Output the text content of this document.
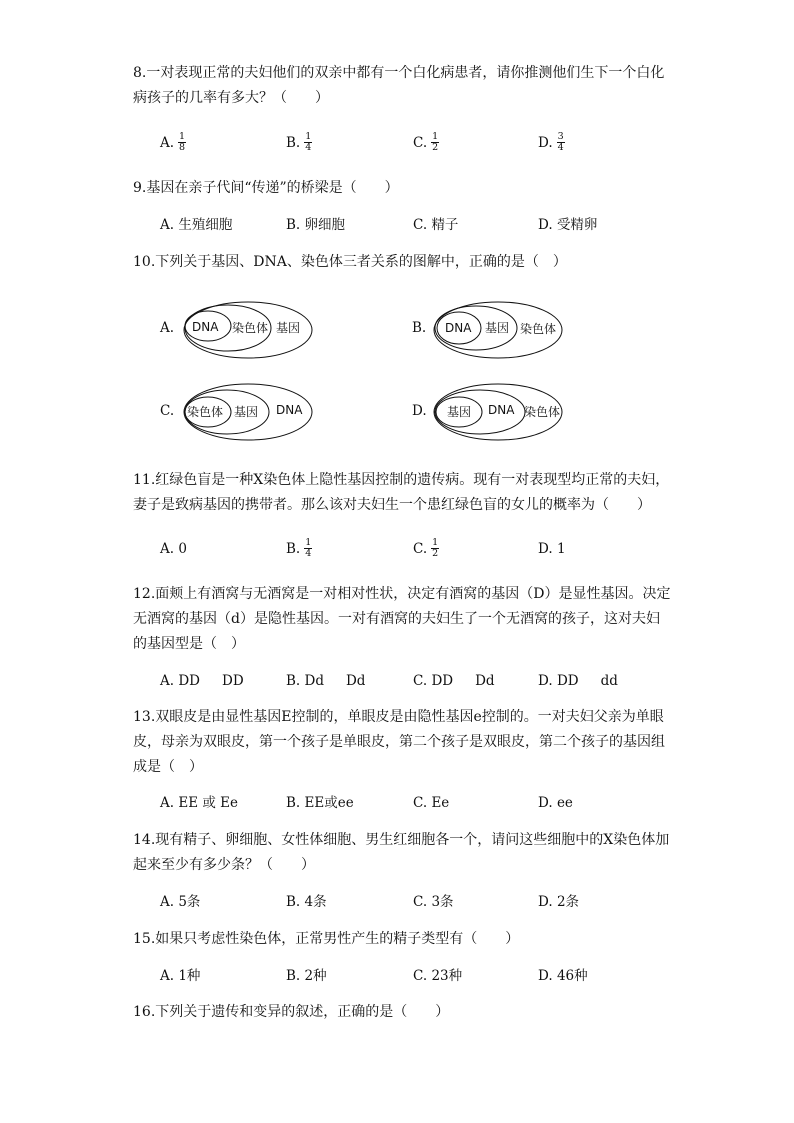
8.一对表现正常的夫妇他们的双亲中都有一个白化病患者，请你推测他们生下一个白化病孩子的几率有多大？（　　）
A. $\frac{1}{8}$	B. $\frac{1}{4}$	C. $\frac{1}{2}$	D. $\frac{3}{4}$
9.基因在亲子代间“传递”的桥梁是（　　）
A. 生殖细胞	B. 卵细胞	C. 精子	D. 受精卵
10.下列关于基因、DNA、染色体三者关系的图解中，正确的是（　）
A. DNA 染色体 基因	B. DNA 基因 染色体
C. 染色体 基因 DNA	D. 基因 DNA 染色体
11.红绿色盲是一种X染色体上隐性基因控制的遗传病。现有一对表现型均正常的夫妇，妻子是致病基因的携带者。那么该对夫妇生一个患红绿色盲的女儿的概率为（　　）
A. 0	B. $\frac{1}{4}$	C. $\frac{1}{2}$	D. 1
12.面颊上有酒窝与无酒窝是一对相对性状，决定有酒窝的基因（D）是显性基因。决定无酒窝的基因（d）是隐性基因。一对有酒窝的夫妇生了一个无酒窝的孩子，这对夫妇的基因型是（　）
A. DD DD	B. Dd Dd	C. DD Dd	D. DD dd
13.双眼皮是由显性基因E控制的，单眼皮是由隐性基因e控制的。一对夫妇父亲为单眼皮，母亲为双眼皮，第一个孩子是单眼皮，第二个孩子是双眼皮，第二个孩子的基因组成是（　）
A. EE 或 Ee	B. EE或ee	C. Ee	D. ee
14.现有精子、卵细胞、女性体细胞、男生红细胞各一个，请问这些细胞中的X染色体加起来至少有多少条？（　　）
A. 5条	B. 4条	C. 3条	D. 2条
15.如果只考虑性染色体，正常男性产生的精子类型有（　　）
A. 1种	B. 2种	C. 23种	D. 46种
16.下列关于遗传和变异的叙述，正确的是（　　）
